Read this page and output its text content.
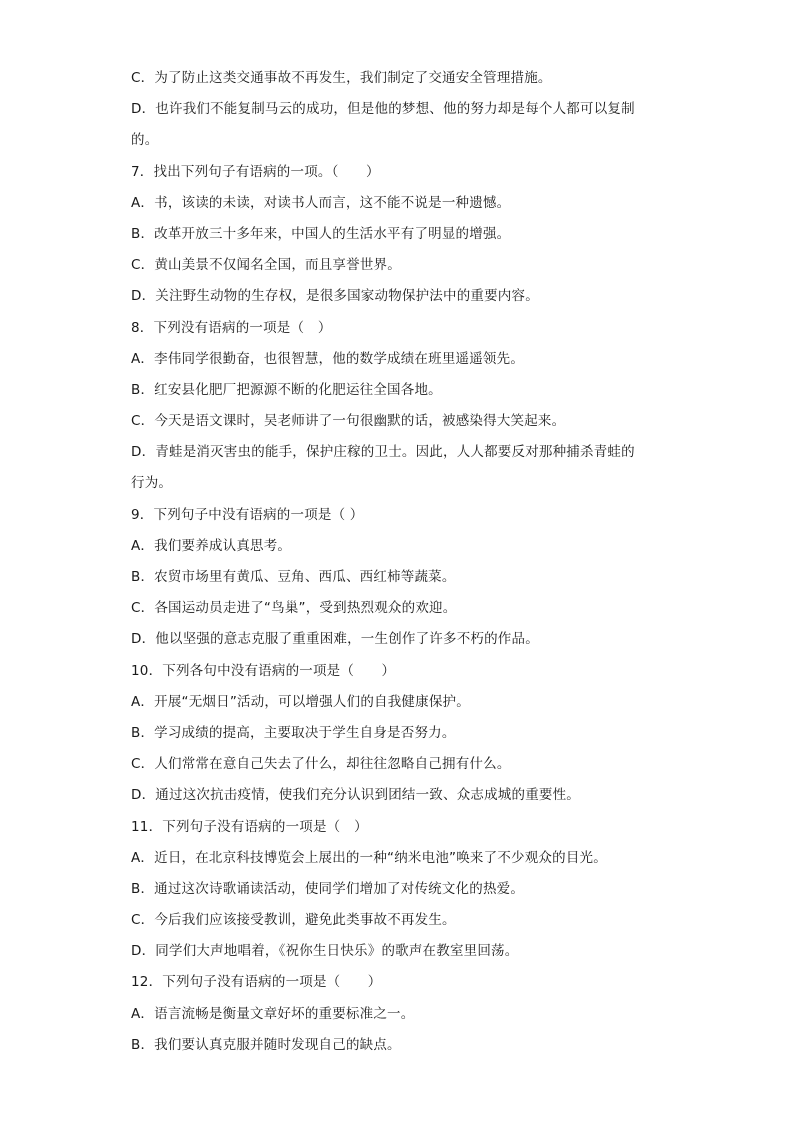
C．为了防止这类交通事故不再发生，我们制定了交通安全管理措施。
D．也许我们不能复制马云的成功，但是他的梦想、他的努力却是每个人都可以复制
的。
7．找出下列句子有语病的一项。（　　）
A．书，该读的未读，对读书人而言，这不能不说是一种遗憾。
B．改革开放三十多年来，中国人的生活水平有了明显的增强。
C．黄山美景不仅闻名全国，而且享誉世界。
D．关注野生动物的生存权，是很多国家动物保护法中的重要内容。
8．下列没有语病的一项是（　）
A．李伟同学很勤奋，也很智慧，他的数学成绩在班里遥遥领先。
B．红安县化肥厂把源源不断的化肥运往全国各地。
C．今天是语文课时，吴老师讲了一句很幽默的话，被感染得大笑起来。
D．青蛙是消灭害虫的能手，保护庄稼的卫士。因此，人人都要反对那种捕杀青蛙的
行为。
9．下列句子中没有语病的一项是（ ）
A．我们要养成认真思考。
B．农贸市场里有黄瓜、豆角、西瓜、西红柿等蔬菜。
C．各国运动员走进了“鸟巢”，受到热烈观众的欢迎。
D．他以坚强的意志克服了重重困难，一生创作了许多不朽的作品。
10．下列各句中没有语病的一项是（　　）
A．开展“无烟日”活动，可以增强人们的自我健康保护。
B．学习成绩的提高，主要取决于学生自身是否努力。
C．人们常常在意自己失去了什么，却往往忽略自己拥有什么。
D．通过这次抗击疫情，使我们充分认识到团结一致、众志成城的重要性。
11．下列句子没有语病的一项是（　）
A．近日，在北京科技博览会上展出的一种“纳米电池”唤来了不少观众的目光。
B．通过这次诗歌诵读活动，使同学们增加了对传统文化的热爱。
C．今后我们应该接受教训，避免此类事故不再发生。
D．同学们大声地唱着，《祝你生日快乐》的歌声在教室里回荡。
12．下列句子没有语病的一项是（　　）
A．语言流畅是衡量文章好坏的重要标准之一。
B．我们要认真克服并随时发现自己的缺点。
